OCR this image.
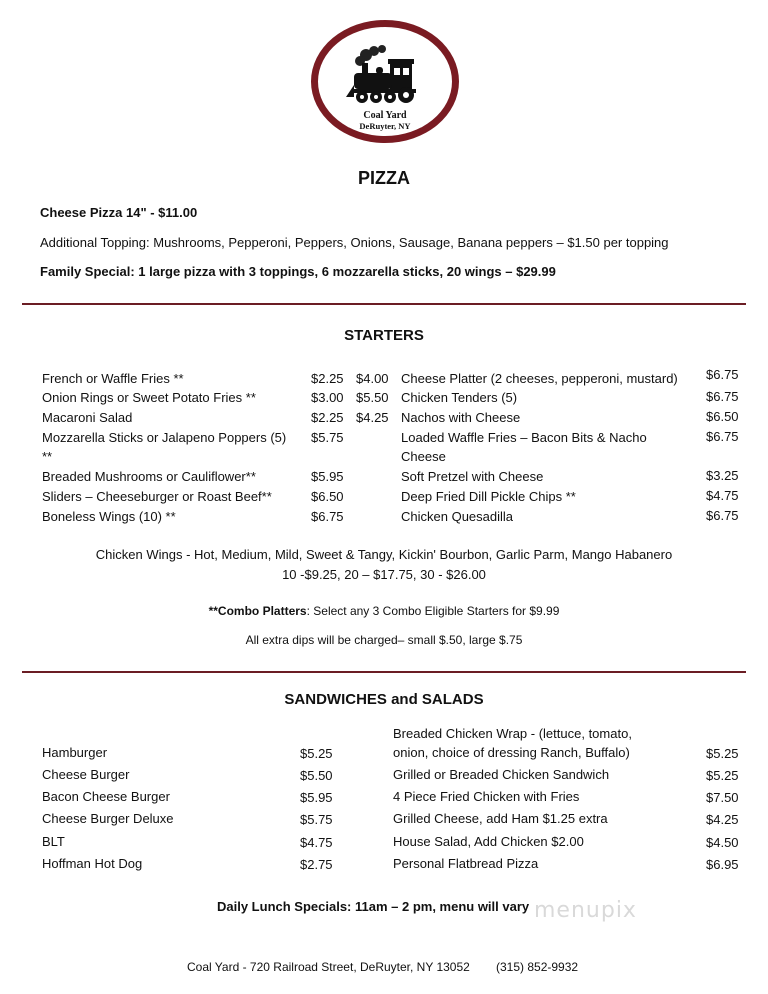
Coal Yard
DeRuyter, NY
PIZZA
Cheese Pizza 14" - $11.00
Additional Topping: Mushrooms, Pepperoni, Peppers, Onions, Sausage, Banana peppers – $1.50 per topping
Family Special: 1 large pizza with 3 toppings, 6 mozzarella sticks, 20 wings – $29.99
STARTERS
French or Waffle Fries **	$2.25 $4.00
Onion Rings or Sweet Potato Fries **	$3.00 $5.50
Macaroni Salad	$2.25 $4.25
Mozzarella Sticks or Jalapeno Poppers (5)
**
$5.75
Breaded Mushrooms or Cauliflower**	$5.95
Sliders – Cheeseburger or Roast Beef**	$6.50
Boneless Wings (10) **	$6.75
Cheese Platter (2 cheeses, pepperoni, mustard) $6.75
Chicken Tenders (5)	$6.75
Nachos with Cheese	$6.50
Loaded Waffle Fries – Bacon Bits & Nacho
Cheese
$6.75
Soft Pretzel with Cheese	$3.25
Deep Fried Dill Pickle Chips **	$4.75
Chicken Quesadilla	$6.75
Chicken Wings - Hot, Medium, Mild, Sweet & Tangy, Kickin' Bourbon, Garlic Parm, Mango Habanero
10 -$9.25, 20 – $17.75, 30 - $26.00
**Combo Platters: Select any 3 Combo Eligible Starters for $9.99
All extra dips will be charged– small $.50, large $.75
SANDWICHES and SALADS
Hamburger	$5.25
Cheese Burger	$5.50
Bacon Cheese Burger	$5.95
Cheese Burger Deluxe	$5.75
BLT	$4.75
Hoffman Hot Dog	$2.75
Breaded Chicken Wrap - (lettuce, tomato,
onion, choice of dressing Ranch, Buffalo)	$5.25
Grilled or Breaded Chicken Sandwich	$5.25
4 Piece Fried Chicken with Fries	$7.50
Grilled Cheese, add Ham $1.25 extra	$4.25
House Salad, Add Chicken $2.00	$4.50
Personal Flatbread Pizza	$6.95
Daily Lunch Specials: 11am – 2 pm, menu will vary menupix
Coal Yard - 720 Railroad Street, DeRuyter, NY 13052 (315) 852-9932
